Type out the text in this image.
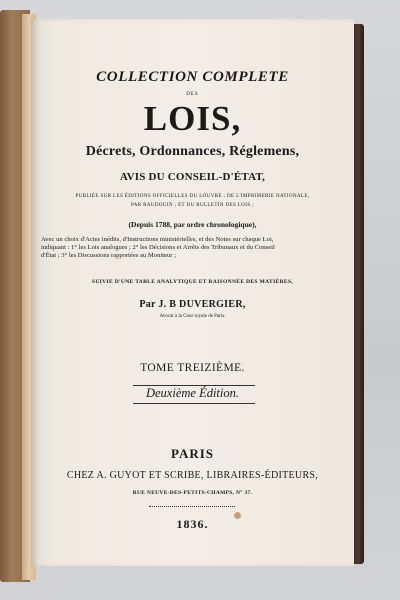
COLLECTION COMPLETE
DES
LOIS,
Décrets, Ordonnances, Réglemens,
AVIS DU CONSEIL-D'ÉTAT,
PUBLIÉE SUR LES ÉDITIONS OFFICIELLES DU LOUVRE ; DE L'IMPRIMERIE NATIONALE,
PAR BAUDOUIN ; ET DU BULLETIN DES LOIS ;
(Depuis 1788, par ordre chronologique),
Avec un choix d'Actes inédits, d'Instructions ministérielles, et des Notes sur chaque Loi,
indiquant : 1° les Lois analogues ; 2° les Décisions et Arrêts des Tribunaux et du Conseil
d'État ; 3° les Discussions rapportées au Moniteur ;
SUIVIE D'UNE TABLE ANALYTIQUE ET RAISONNÉE DES MATIÈRES,
Par J. B DUVERGIER,
Avocat à la Cour royale de Paris.
TOME TREIZIÈME.
Deuxième Édition.
PARIS
CHEZ A. GUYOT ET SCRIBE, LIBRAIRES-ÉDITEURS,
RUE NEUVE-DES-PETITS-CHAMPS, N° 37.
1836.
